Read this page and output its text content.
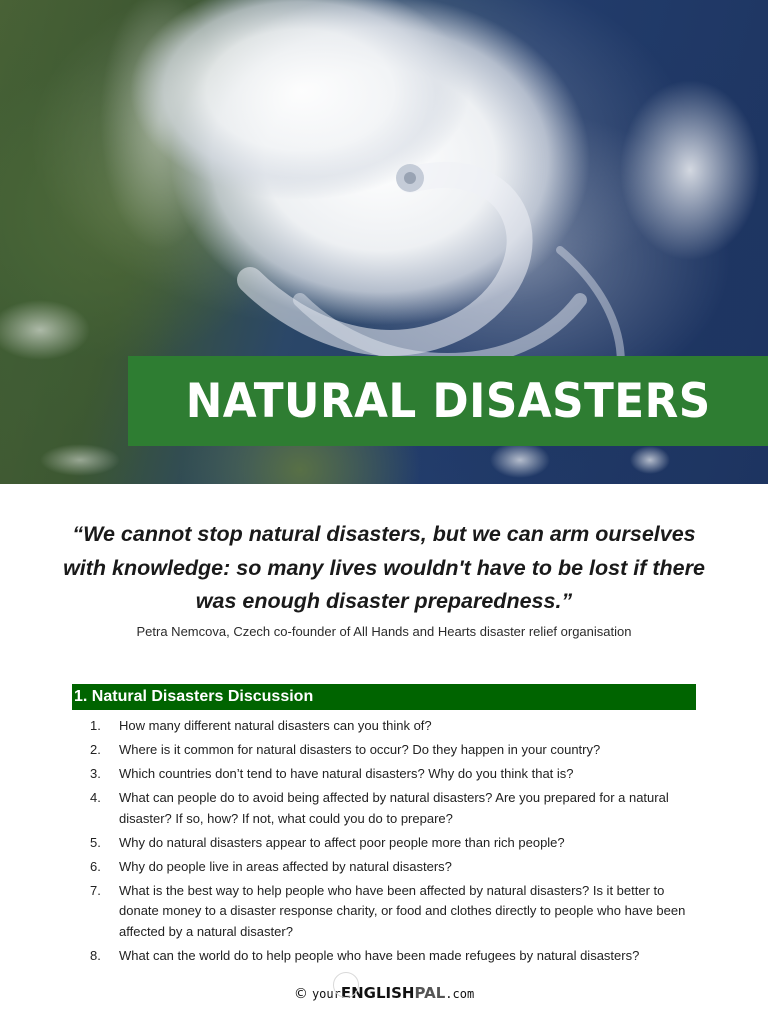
NATURAL DISASTERS

“We cannot stop natural disasters, but we can arm ourselves with knowledge: so many lives wouldn't have to be lost if there was enough disaster preparedness.”

Petra Nemcova, Czech co-founder of All Hands and Hearts disaster relief organisation

1. Natural Disasters Discussion
1.	How many different natural disasters can you think of?
2.	Where is it common for natural disasters to occur? Do they happen in your country?
3.	Which countries don’t tend to have natural disasters? Why do you think that is?
4.	What can people do to avoid being affected by natural disasters? Are you prepared for a natural disaster? If so, how? If not, what could you do to prepare?
5.	Why do natural disasters appear to affect poor people more than rich people?
6.	Why do people live in areas affected by natural disasters?
7.	What is the best way to help people who have been affected by natural disasters? Is it better to donate money to a disaster response charity, or food and clothes directly to people who have been affected by a natural disaster?
8.	What can the world do to help people who have been made refugees by natural disasters?
© yourENGLISHPAL.com
